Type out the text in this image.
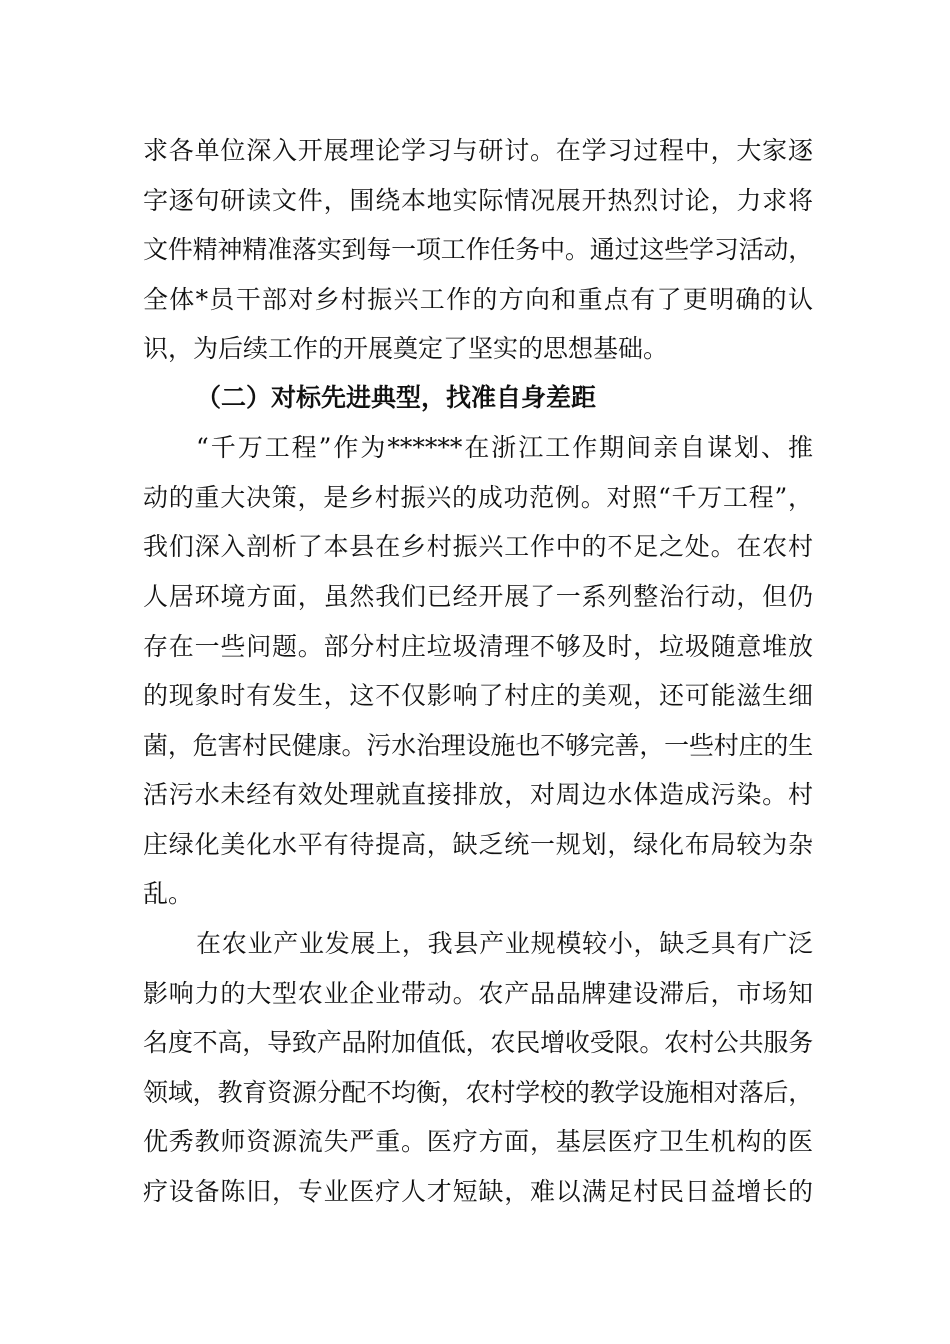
求各单位深入开展理论学习与研讨。在学习过程中，大家逐
字逐句研读文件，围绕本地实际情况展开热烈讨论，力求将
文件精神精准落实到每一项工作任务中。通过这些学习活动，
全体*员干部对乡村振兴工作的方向和重点有了更明确的认
识，为后续工作的开展奠定了坚实的思想基础。
（二）对标先进典型，找准自身差距
“千万工程”作为******在浙江工作期间亲自谋划、推
动的重大决策，是乡村振兴的成功范例。对照“千万工程”，
我们深入剖析了本县在乡村振兴工作中的不足之处。在农村
人居环境方面，虽然我们已经开展了一系列整治行动，但仍
存在一些问题。部分村庄垃圾清理不够及时，垃圾随意堆放
的现象时有发生，这不仅影响了村庄的美观，还可能滋生细
菌，危害村民健康。污水治理设施也不够完善，一些村庄的生
活污水未经有效处理就直接排放，对周边水体造成污染。村
庄绿化美化水平有待提高，缺乏统一规划，绿化布局较为杂
乱。
在农业产业发展上，我县产业规模较小，缺乏具有广泛
影响力的大型农业企业带动。农产品品牌建设滞后，市场知
名度不高，导致产品附加值低，农民增收受限。农村公共服务
领域，教育资源分配不均衡，农村学校的教学设施相对落后，
优秀教师资源流失严重。医疗方面，基层医疗卫生机构的医
疗设备陈旧，专业医疗人才短缺，难以满足村民日益增长的
